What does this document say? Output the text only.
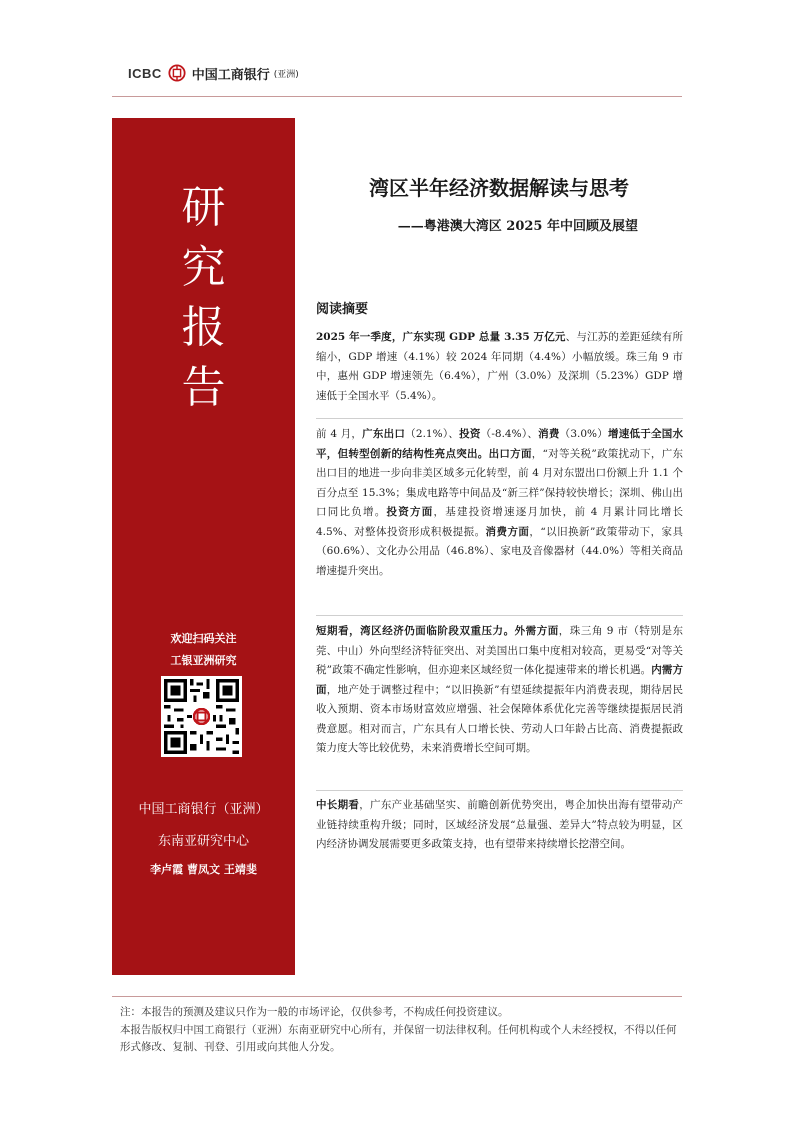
ICBC 中国工商银行 (亚洲)
研
究
报
告
欢迎扫码关注
工银亚洲研究
中国工商银行（亚洲）
东南亚研究中心
李卢霞 曹凤文 王靖斐
湾区半年经济数据解读与思考
——粤港澳大湾区 2025 年中回顾及展望
阅读摘要

2025 年一季度，广东实现 GDP 总量 3.35 万亿元、与江苏的差距延续有所缩小，GDP 增速（4.1%）较 2024 年同期（4.4%）小幅放缓。珠三角 9 市中，惠州 GDP 增速领先（6.4%），广州（3.0%）及深圳（5.23%）GDP 增速低于全国水平（5.4%）。

前 4 月，广东出口（2.1%）、投资（-8.4%）、消费（3.0%）增速低于全国水平，但转型创新的结构性亮点突出。出口方面，“对等关税”政策扰动下，广东出口目的地进一步向非美区域多元化转型，前 4 月对东盟出口份额上升 1.1 个百分点至 15.3%；集成电路等中间品及“新三样”保持较快增长；深圳、佛山出口同比负增。投资方面，基建投资增速逐月加快，前 4 月累计同比增长 4.5%、对整体投资形成积极提振。消费方面，“以旧换新”政策带动下，家具（60.6%）、文化办公用品（46.8%）、家电及音像器材（44.0%）等相关商品增速提升突出。

短期看，湾区经济仍面临阶段双重压力。外需方面，珠三角 9 市（特别是东莞、中山）外向型经济特征突出、对美国出口集中度相对较高，更易受“对等关税”政策不确定性影响，但亦迎来区域经贸一体化提速带来的增长机遇。内需方面，地产处于调整过程中；“以旧换新”有望延续提振年内消费表现，期待居民收入预期、资本市场财富效应增强、社会保障体系优化完善等继续提振居民消费意愿。相对而言，广东具有人口增长快、劳动人口年龄占比高、消费提振政策力度大等比较优势，未来消费增长空间可期。

中长期看，广东产业基础坚实、前瞻创新优势突出，粤企加快出海有望带动产业链持续重构升级；同时，区域经济发展“总量强、差异大”特点较为明显，区内经济协调发展需要更多政策支持，也有望带来持续增长挖潜空间。

注：本报告的预测及建议只作为一般的市场评论，仅供参考，不构成任何投资建议。

本报告版权归中国工商银行（亚洲）东南亚研究中心所有，并保留一切法律权利。任何机构或个人未经授权，不得以任何形式修改、复制、刊登、引用或向其他人分发。
